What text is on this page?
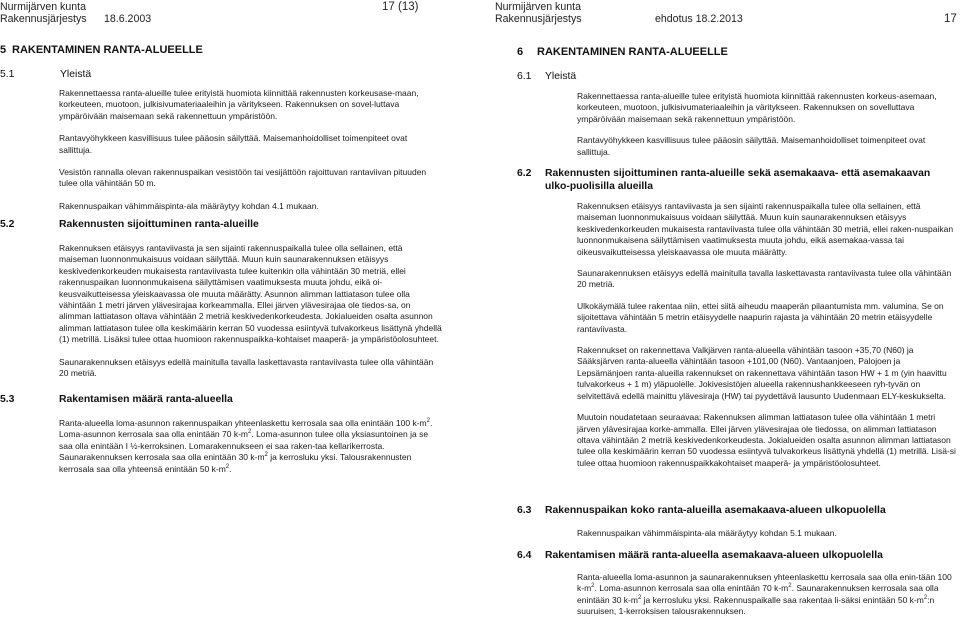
Nurmijärven kunta
Rakennusjärjestys 18.6.2003
17 (13)
5 RAKENTAMINEN RANTA-ALUEELLE
5.1	Yleistä

Rakennettaessa ranta-alueille tulee erityistä huomiota kiinnittää rakennusten korkeusase-maan, korkeuteen, muotoon, julkisivumateriaaleihin ja väritykseen. Rakennuksen on sovel-luttava ympäröivään maisemaan sekä rakennettuun ympäristöön.

Rantavyöhykkeen kasvillisuus tulee pääosin säilyttää. Maisemanhoidolliset toimenpiteet ovat sallittuja.

Vesistön rannalla olevan rakennuspaikan vesistöön tai vesijättöön rajoittuvan rantaviivan pituuden tulee olla vähintään 50 m.

Rakennuspaikan vähimmäispinta-ala määräytyy kohdan 4.1 mukaan.

5.2	Rakennusten sijoittuminen ranta-alueille

Rakennuksen etäisyys rantaviivasta ja sen sijainti rakennuspaikalla tulee olla sellainen, että maiseman luonnonmukaisuus voidaan säilyttää. Muun kuin saunarakennuksen etäisyys keskivedenkorkeuden mukaisesta rantaviivasta tulee kuitenkin olla vähintään 30 metriä, ellei rakennuspaikan luonnonmukaisena säilyttämisen vaatimuksesta muuta johdu, eikä oi-keusvaikutteisessa yleiskaavassa ole muuta määrätty. Asunnon alimman lattiatason tulee olla vähintään 1 metri järven ylävesirajaa korkeammalla. Ellei järven ylävesirajaa ole tiedos-sa, on alimman lattiatason oltava vähintään 2 metriä keskivedenkorkeudesta. Jokialueiden osalta asunnon alimman lattiatason tulee olla keskimäärin kerran 50 vuodessa esiintyvä tulvakorkeus lisättynä yhdellä (1) metrillä. Lisäksi tulee ottaa huomioon rakennuspaikka-kohtaiset maaperä- ja ympäristöolosuhteet.

Saunarakennuksen etäisyys edellä mainitulla tavalla laskettavasta rantaviivasta tulee olla vähintään 20 metriä.

5.3	Rakentamisen määrä ranta-alueella

Ranta-alueella loma-asunnon rakennuspaikan yhteenlaskettu kerrosala saa olla enintään 100 $k-m^2$. Loma-asunnon kerrosala saa olla enintään 70 $k-m^2$. Loma-asunnon tulee olla yksiasuntoinen ja se saa olla enintään I ½-kerroksinen. Lomarakennukseen ei saa raken-taa kellarikerrosta. Saunarakennuksen kerrosala saa olla enintään 30 $k-m^2$ ja kerrosluku yksi. Talousrakennusten kerrosala saa olla yhteensä enintään 50 $k-m^2$.

Nurmijärven kunta
Rakennusjärjestys	ehdotus 18.2.2013	17
6 RAKENTAMINEN RANTA-ALUEELLE
6.1 Yleistä

Rakennettaessa ranta-alueille tulee erityistä huomiota kiinnittää rakennusten korkeus-asemaan, korkeuteen, muotoon, julkisivumateriaaleihin ja väritykseen. Rakennuksen on sovelluttava ympäröivään maisemaan sekä rakennettuun ympäristöön.

Rantavyöhykkeen kasvillisuus tulee pääosin säilyttää. Maisemanhoidolliset toimenpiteet ovat sallittuja.

6.2	Rakennusten sijoittuminen ranta-alueille sekä asemakaava- että asemakaavan ulko-puolisilla alueilla

Rakennuksen etäisyys rantaviivasta ja sen sijainti rakennuspaikalla tulee olla sellainen, että maiseman luonnonmukaisuus voidaan säilyttää. Muun kuin saunarakennuksen etäisyys keskivedenkorkeuden mukaisesta rantaviivasta tulee olla vähintään 30 metriä, ellei raken-nuspaikan luonnonmukaisena säilyttämisen vaatimuksesta muuta johdu, eikä asemakaa-vassa tai oikeusvaikutteisessa yleiskaavassa ole muuta määrätty.

Saunarakennuksen etäisyys edellä mainitulla tavalla laskettavasta rantaviivasta tulee olla vähintään 20 metriä.

Ulkokäymälä tulee rakentaa niin, ettei siitä aiheudu maaperän pilaantumista mm. valumina. Se on sijoitettava vähintään 5 metrin etäisyydelle naapurin rajasta ja vähintään 20 metrin etäisyydelle rantaviivasta.

Rakennukset on rakennettava Valkjärven ranta-alueella vähintään tasoon +35,70 (N60) ja Sääksjärven ranta-alueella vähintään tasoon +101,00 (N60). Vantaanjoen, Palojoen ja Lepsämänjoen ranta-alueilla rakennukset on rakennettava vähintään tason HW + 1 m (yin haavittu tulvakorkeus + 1 m) yläpuolelle. Jokivesistöjen alueella rakennushankkeeseen ryh-tyvän on selvitettävä edellä mainittu ylävesiraja (HW) tai pyydettävä lausunto Uudenmaan ELY-keskukselta.

Muutoin noudatetaan seuraavaa: Rakennuksen alimman lattiatason tulee olla vähintään 1 metri järven ylävesirajaa korke-ammalla. Ellei järven ylävesirajaa ole tiedossa, on alimman lattiatason oltava vähintään 2 metriä keskivedenkorkeudesta. Jokialueiden osalta asunnon alimman lattiatason tulee olla keskimäärin kerran 50 vuodessa esiintyvä tulvakorkeus lisättynä yhdellä (1) metrillä. Lisä-si tulee ottaa huomioon rakennuspaikkakohtaiset maaperä- ja ympäristöolosuhteet.

6.3 Rakennuspaikan koko ranta-alueilla asemakaava-alueen ulkopuolella

Rakennuspaikan vähimmäispinta-ala määräytyy kohdan 5.1 mukaan.

6.4 Rakentamisen määrä ranta-alueella asemakaava-alueen ulkopuolella

Ranta-alueella loma-asunnon ja saunarakennuksen yhteenlaskettu kerrosala saa olla enin-tään 100 $k-m^2$. Loma-asunnon kerrosala saa olla enintään 70 $k-m^2$. Saunarakennuksen kerrosala saa olla enintään 30 $k-m^2$ ja kerrosluku yksi. Rakennuspaikalle saa rakentaa li-säksi enintään 50 $k-m^2:n$ suuruisen, 1-kerroksisen talousrakennuksen.
